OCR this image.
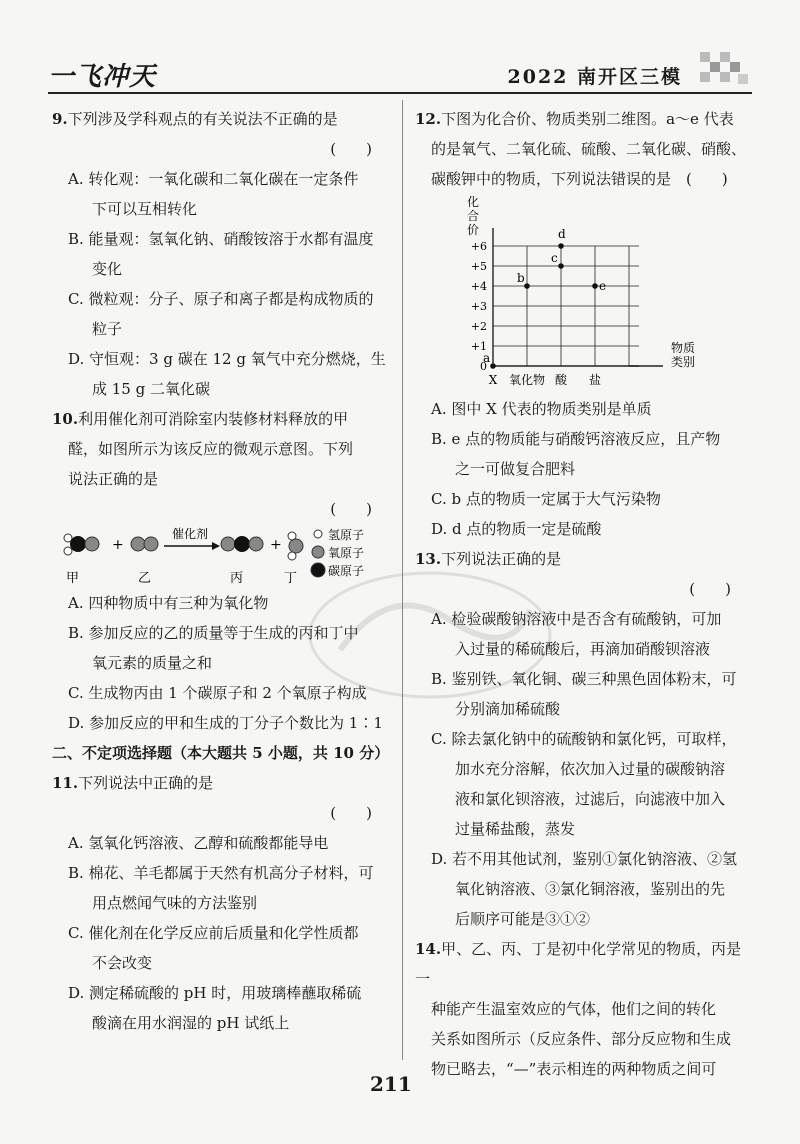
一飞冲天	2022 南开区三模
9.下列涉及学科观点的有关说法不正确的是
(　　)
A. 转化观：一氧化碳和二氧化碳在一定条件
下可以互相转化
B. 能量观：氢氧化钠、硝酸铵溶于水都有温度
变化
C. 微粒观：分子、原子和离子都是构成物质的
粒子
D. 守恒观：3 g 碳在 12 g 氧气中充分燃烧，生
成 15 g 二氧化碳
10.利用催化剂可消除室内装修材料释放的甲
醛，如图所示为该反应的微观示意图。下列
说法正确的是
(　　)
+
催化剂
+
氢原子
氧原子
碳原子
甲	乙	丙	丁
A. 四种物质中有三种为氧化物
B. 参加反应的乙的质量等于生成的丙和丁中
氧元素的质量之和
C. 生成物丙由 1 个碳原子和 2 个氧原子构成
D. 参加反应的甲和生成的丁分子个数比为 1∶1
二、不定项选择题（本大题共 5 小题，共 10 分）
11.下列说法中正确的是
(　　)
A. 氢氧化钙溶液、乙醇和硫酸都能导电
B. 棉花、羊毛都属于天然有机高分子材料，可
用点燃闻气味的方法鉴别
C. 催化剂在化学反应前后质量和化学性质都
不会改变
D. 测定稀硫酸的 pH 时，用玻璃棒蘸取稀硫
酸滴在用水润湿的 pH 试纸上
12.下图为化合价、物质类别二维图。a～e 代表
的是氧气、二氧化硫、硫酸、二氧化碳、硝酸、
碳酸钾中的物质，下列说法错误的是　(　　)
0
+1
+2
+3
+4
+5
+6
化
合
价
物质
类别
X 氧化物 酸 盐
a
b
c
d
e
A. 图中 X 代表的物质类别是单质
B. e 点的物质能与硝酸钙溶液反应，且产物
之一可做复合肥料
C. b 点的物质一定属于大气污染物
D. d 点的物质一定是硫酸
13.下列说法正确的是
(　　)
A. 检验碳酸钠溶液中是否含有硫酸钠，可加
入过量的稀硫酸后，再滴加硝酸钡溶液
B. 鉴别铁、氧化铜、碳三种黑色固体粉末，可
分别滴加稀硫酸
C. 除去氯化钠中的硫酸钠和氯化钙，可取样，
加水充分溶解，依次加入过量的碳酸钠溶
液和氯化钡溶液，过滤后，向滤液中加入
过量稀盐酸，蒸发
D. 若不用其他试剂，鉴别①氯化钠溶液、②氢
氧化钠溶液、③氯化铜溶液，鉴别出的先
后顺序可能是③①②
14.甲、乙、丙、丁是初中化学常见的物质，丙是一
种能产生温室效应的气体，他们之间的转化
关系如图所示（反应条件、部分反应物和生成
物已略去，“—”表示相连的两种物质之间可
211
